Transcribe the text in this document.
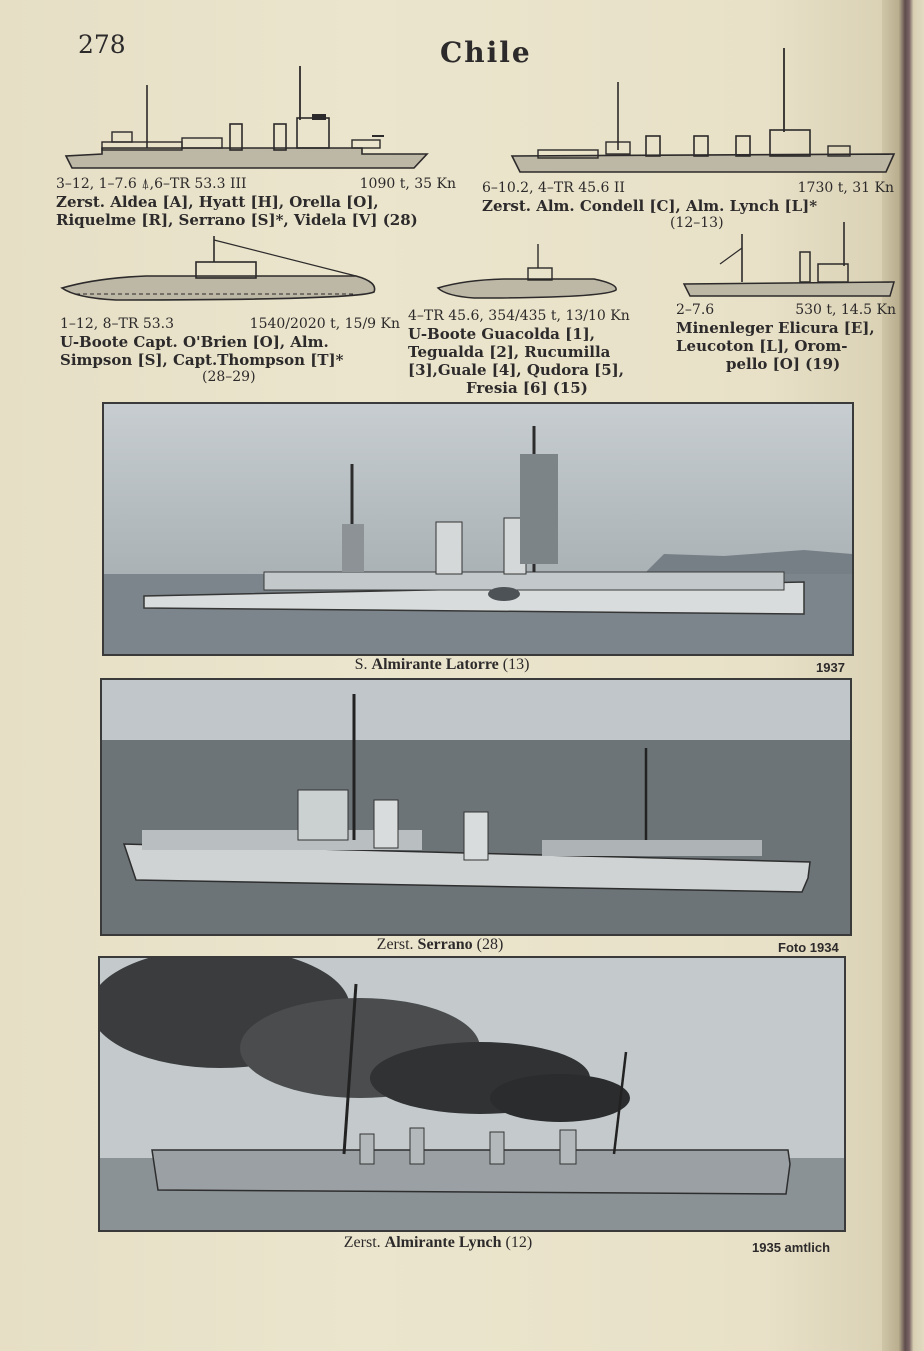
278	Chile
3–12, 1–7.6 ⍋,6–TR 53.3 III	1090 t, 35 Kn
Zerst. Aldea [A], Hyatt [H], Orella [O],
Riquelme [R], Serrano [S]*, Videla [V] (28)
6–10.2, 4–TR 45.6 II	1730 t, 31 Kn
Zerst. Alm. Condell [C], Alm. Lynch [L]*
(12–13)
1–12, 8–TR 53.3	1540/2020 t, 15/9 Kn
U-Boote Capt. O'Brien [O], Alm.
Simpson [S], Capt.Thompson [T]*
(28–29)
4–TR 45.6, 354/435 t, 13/10 Kn
U-Boote Guacolda [1],
Tegualda [2], Rucumilla
[3],Guale [4], Qudora [5],
Fresia [6] (15)
2–7.6	530 t, 14.5 Kn
Minenleger Elicura [E],
Leucoton [L], Orom-
pello [O] (19)
S. Almirante Latorre (13)	1937
Zerst. Serrano (28)	Foto 1934
Zerst. Almirante Lynch (12)	1935 amtlich
